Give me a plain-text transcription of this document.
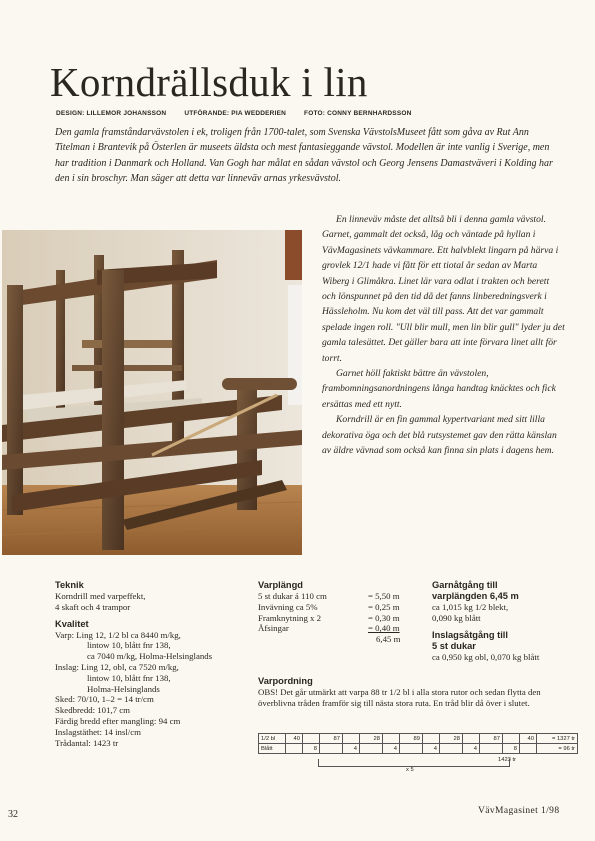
Korndrällsduk i lin
DESIGN: LILLEMOR JOHANSSON	UTFÖRANDE: PIA WEDDERIEN	FOTO: CONNY BERNHARDSSON

Den gamla framståndarvävstolen i ek, troligen från 1700-talet, som Svenska VävstolsMuseet fått som gåva av Rut Ann Titelman i Brantevik på Österlen är museets äldsta och mest fantasieggande vävstol. Modellen är inte vanlig i Sverige, men har tradition i Danmark och Holland. Van Gogh har målat en sådan vävstol och Georg Jensens Damastväveri i Kolding har den i sin broschyr. Man säger att detta var linneväv arnas yrkesvävstol.

En linneväv måste det alltså bli i denna gamla vävstol. Garnet, gammalt det också, låg och väntade på hyllan i VävMagasinets vävkammare. Ett halvblekt lingarn på härva i grovlek 12/1 hade vi fått för ett tiotal år sedan av Marta Wiberg i Glimåkra. Linet lär vara odlat i trakten och berett och lönspunnet på den tid då det fanns linberedningsverk i Hässleholm. Nu kom det väl till pass. Att det var gammalt spelade ingen roll. "Ull blir mull, men lin blir gull" lyder ju det gamla talesättet. Det gäller bara att inte förvara linet allt för torrt.

Garnet höll faktiskt bättre än vävstolen, frambomningsanordningens långa handtag knäcktes och fick ersättas med ett nytt.

Korndrill är en fin gammal kypertvariant med sitt lilla dekorativa öga och det blå rutsystemet gav den rätta känslan av äldre vävnad som också kan finna sin plats i dagens hem.

Teknik
Korndrill med varpeffekt,
4 skaft och 4 trampor
Kvalitet
Varp: Ling 12, 1/2 bl ca 8440 m/kg,
lintow 10, blått fnr 138,
ca 7040 m/kg, Holma-Helsinglands
Inslag: Ling 12, obl, ca 7520 m/kg,
lintow 10, blått fnr 138,
Holma-Helsinglands
Sked: 70/10, 1–2 = 14 tr/cm
Skedbredd: 101,7 cm
Färdig bredd efter mangling: 94 cm
Inslagstäthet: 14 insl/cm
Trådantal: 1423 tr
Varplängd
5 st dukar á 110 cm	= 5,50 m
Invävning ca 5%	= 0,25 m
Framknytning x 2	= 0,30 m
Åfsingar	= 0,40 m
6,45 m
Garnåtgång till
varplängden 6,45 m
ca 1,015 kg 1/2 blekt,
0,090 kg blått
Inslagsåtgång till
5 st dukar
ca 0,950 kg obl, 0,070 kg blått
Varpordning
OBS! Det går utmärkt att varpa 88 tr 1/2 bl i alla stora rutor och sedan flytta den överblivna tråden framför sig till nästa stora ruta. En tråd blir då över i slutet.
1/2 bl	40		87		28		89		28		87		40	= 1327 tr
Blått		8		4		4		4		4		8		= 96 tr
1423 tr
x 5
32	VävMagasinet 1/98
